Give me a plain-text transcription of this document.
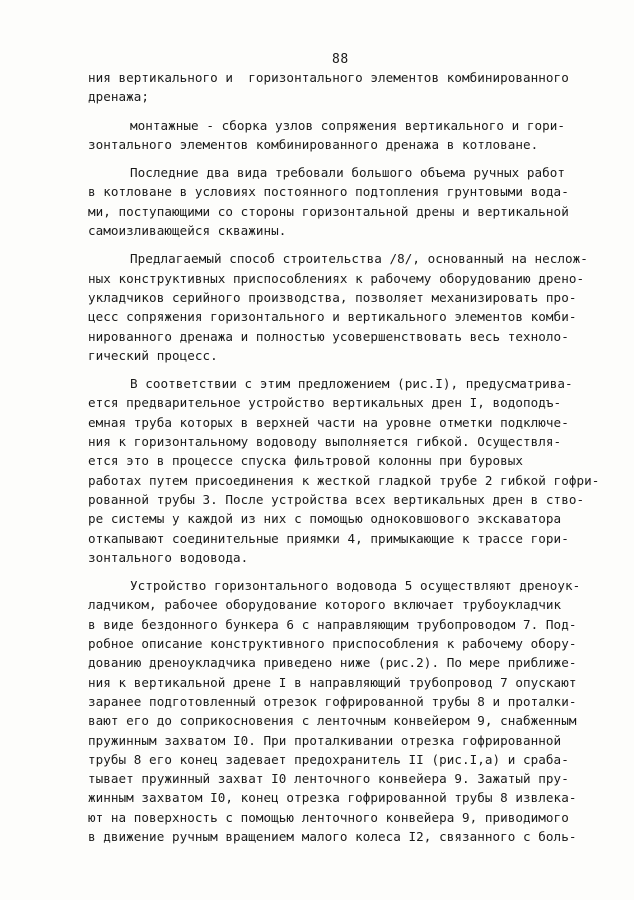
88
ния вертикального и  горизонтального элементов комбинированного
дренажа;
монтажные - сборка узлов сопряжения вертикального и гори-
зонтального элементов комбинированного дренажа в котловане.
Последние два вида требовали большого объема ручных работ
в котловане в условиях постоянного подтопления грунтовыми вода-
ми, поступающими со стороны горизонтальной дрены и вертикальной
самоизливающейся скважины.
Предлагаемый способ строительства /8/, основанный на неслож-
ных конструктивных приспособлениях к рабочему оборудованию дрено-
укладчиков серийного производства, позволяет механизировать про-
цесс сопряжения горизонтального и вертикального элементов комби-
нированного дренажа и полностью усовершенствовать весь техноло-
гический процесс.
В соответствии с этим предложением (рис.I), предусматрива-
ется предварительное устройство вертикальных дрен I, водоподъ-
емная труба которых в верхней части на уровне отметки подключе-
ния к горизонтальному водоводу выполняется гибкой. Осуществля-
ется это в процессе спуска фильтровой колонны при буровых
работах путем присоединения к жесткой гладкой трубе 2 гибкой гофри-
рованной трубы 3. После устройства всех вертикальных дрен в ство-
ре системы у каждой из них с помощью одноковшового экскаватора
откапывают соединительные приямки 4, примыкающие к трассе гори-
зонтального водовода.
Устройство горизонтального водовода 5 осуществляют дреноук-
ладчиком, рабочее оборудование которого включает трубоукладчик
в виде бездонного бункера 6 с направляющим трубопроводом 7. Под-
робное описание конструктивного приспособления к рабочему обору-
дованию дреноукладчика приведено ниже (рис.2). По мере приближе-
ния к вертикальной дрене I в направляющий трубопровод 7 опускают
заранее подготовленный отрезок гофрированной трубы 8 и проталки-
вают его до соприкосновения с ленточным конвейером 9, снабженным
пружинным захватом I0. При проталкивании отрезка гофрированной
трубы 8 его конец задевает предохранитель II (рис.I,а) и сраба-
тывает пружинный захват I0 ленточного конвейера 9. Зажатый пру-
жинным захватом I0, конец отрезка гофрированной трубы 8 извлека-
ют на поверхность с помощью ленточного конвейера 9, приводимого
в движение ручным вращением малого колеса I2, связанного с боль-
